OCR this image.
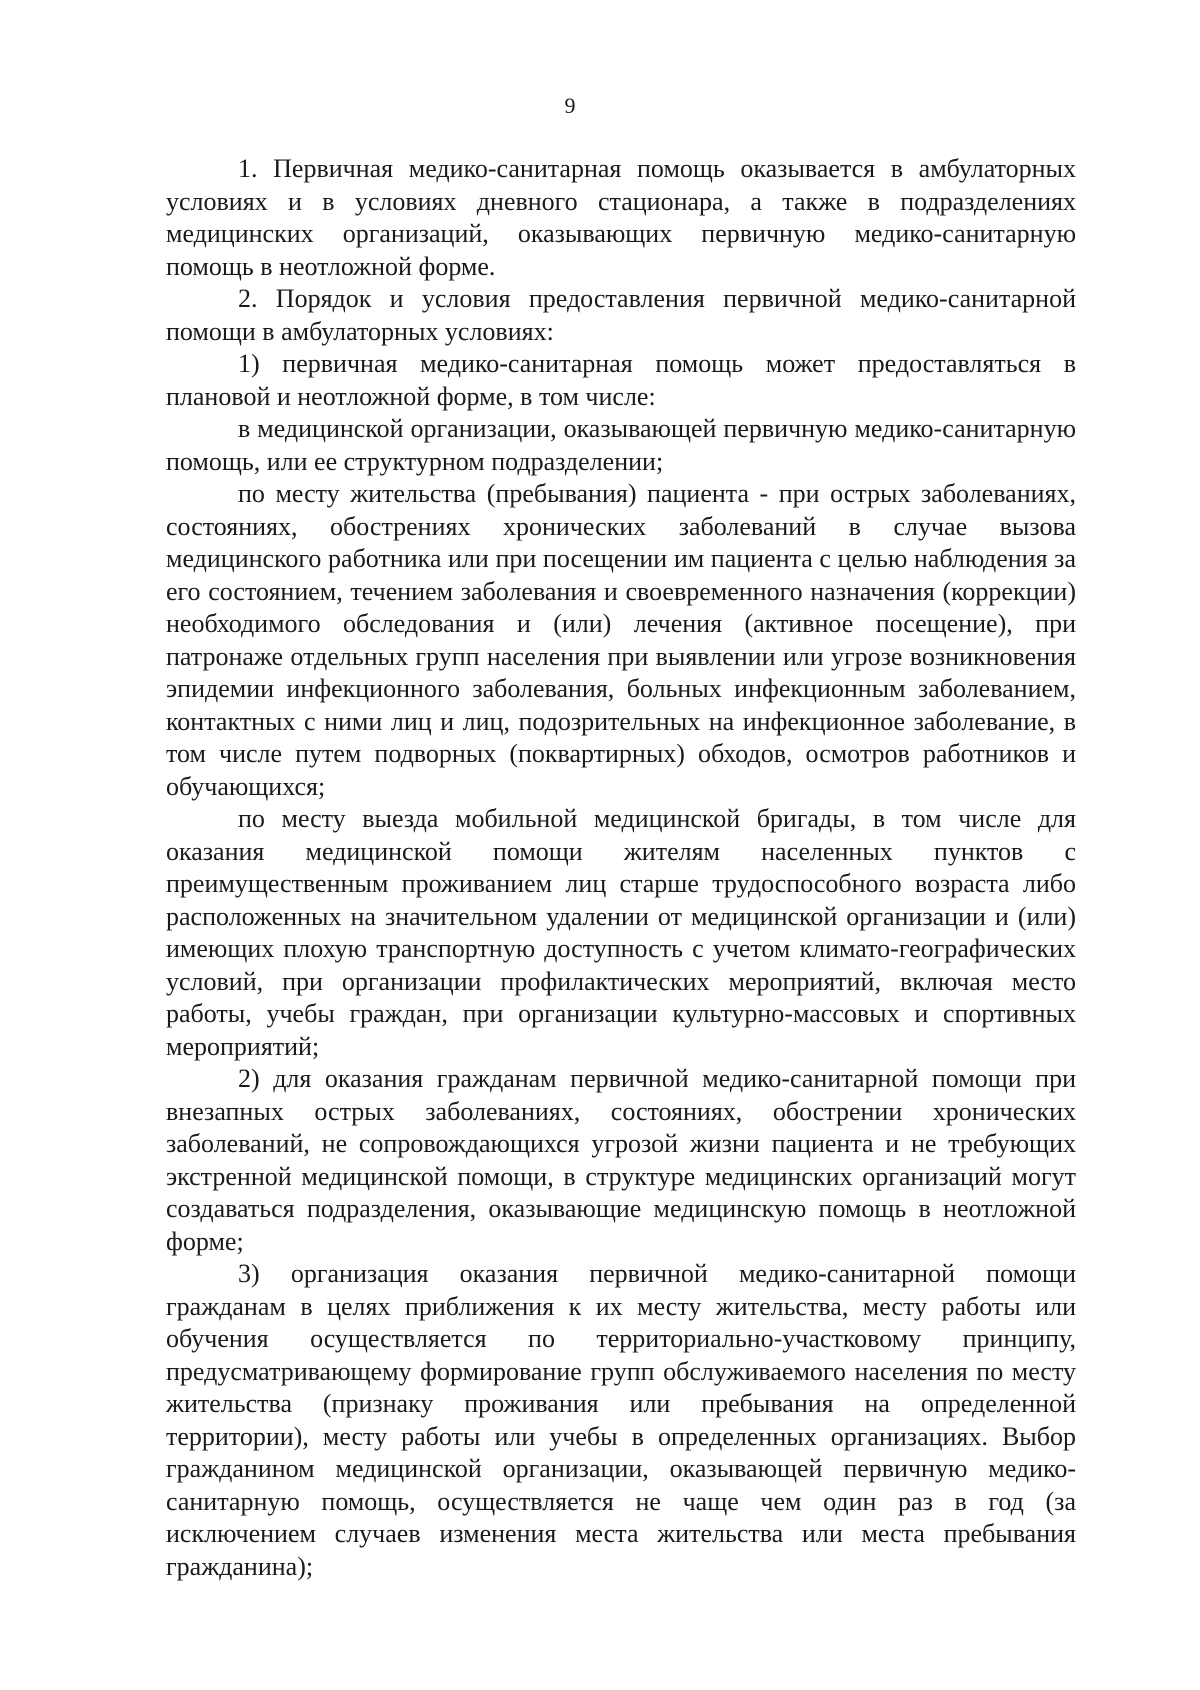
9

1. Первичная медико-санитарная помощь оказывается в амбулаторных условиях и в условиях дневного стационара, а также в подразделениях медицинских организаций, оказывающих первичную медико-санитарную помощь в неотложной форме.

2. Порядок и условия предоставления первичной медико-санитарной помощи в амбулаторных условиях:

1) первичная медико-санитарная помощь может предоставляться в плановой и неотложной форме, в том числе:

в медицинской организации, оказывающей первичную медико-санитарную помощь, или ее структурном подразделении;

по месту жительства (пребывания) пациента - при острых заболеваниях, состояниях, обострениях хронических заболеваний в случае вызова медицинского работника или при посещении им пациента с целью наблюдения за его состоянием, течением заболевания и своевременного назначения (коррекции) необходимого обследования и (или) лечения (активное посещение), при патронаже отдельных групп населения при выявлении или угрозе возникновения эпидемии инфекционного заболевания, больных инфекционным заболеванием, контактных с ними лиц и лиц, подозрительных на инфекционное заболевание, в том числе путем подворных (поквартирных) обходов, осмотров работников и обучающихся;

по месту выезда мобильной медицинской бригады, в том числе для оказания медицинской помощи жителям населенных пунктов с преимущественным проживанием лиц старше трудоспособного возраста либо расположенных на значительном удалении от медицинской организации и (или) имеющих плохую транспортную доступность с учетом климато-географических условий, при организации профилактических мероприятий, включая место работы, учебы граждан, при организации культурно-массовых и спортивных мероприятий;

2) для оказания гражданам первичной медико-санитарной помощи при внезапных острых заболеваниях, состояниях, обострении хронических заболеваний, не сопровождающихся угрозой жизни пациента и не требующих экстренной медицинской помощи, в структуре медицинских организаций могут создаваться подразделения, оказывающие медицинскую помощь в неотложной форме;

3) организация оказания первичной медико-санитарной помощи гражданам в целях приближения к их месту жительства, месту работы или обучения осуществляется по территориально-участковому принципу, предусматривающему формирование групп обслуживаемого населения по месту жительства (признаку проживания или пребывания на определенной территории), месту работы или учебы в определенных организациях. Выбор гражданином медицинской организации, оказывающей первичную медико-санитарную помощь, осуществляется не чаще чем один раз в год (за исключением случаев изменения места жительства или места пребывания гражданина);
